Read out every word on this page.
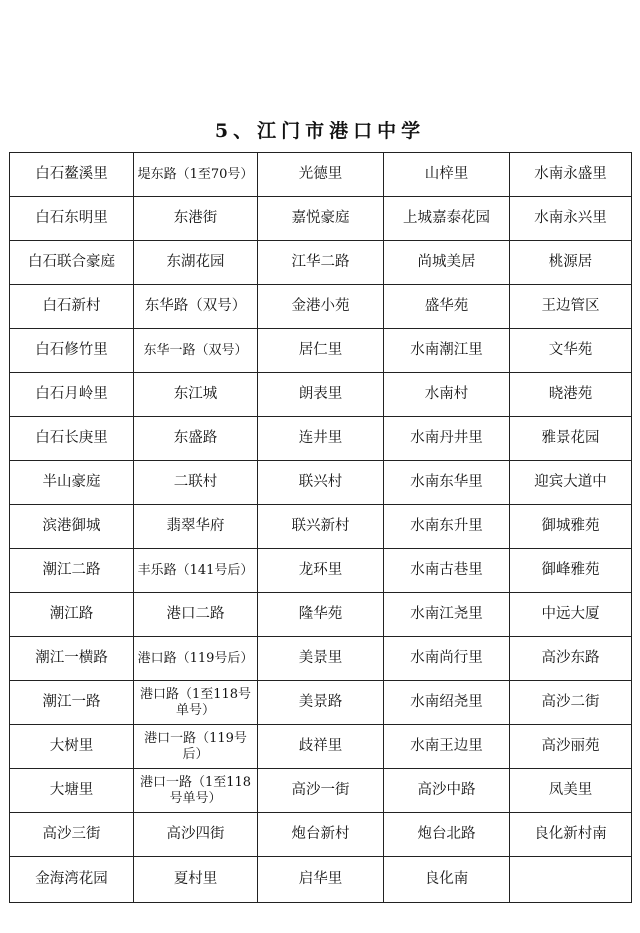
5、江门市港口中学
白石鳌溪里	堤东路（1至70号）	光德里	山梓里	水南永盛里
白石东明里	东港街	嘉悦豪庭	上城嘉泰花园	水南永兴里
白石联合豪庭	东湖花园	江华二路	尚城美居	桃源居
白石新村	东华路（双号）	金港小苑	盛华苑	王边管区
白石修竹里	东华一路（双号）	居仁里	水南潮江里	文华苑
白石月岭里	东江城	朗表里	水南村	晓港苑
白石长庚里	东盛路	连井里	水南丹井里	雅景花园
半山豪庭	二联村	联兴村	水南东华里	迎宾大道中
滨港御城	翡翠华府	联兴新村	水南东升里	御城雅苑
潮江二路	丰乐路（141号后）	龙环里	水南古巷里	御峰雅苑
潮江路	港口二路	隆华苑	水南江尧里	中远大厦
潮江一横路	港口路（119号后）	美景里	水南尚行里	高沙东路
潮江一路	港口路（1至118号单号）	美景路	水南绍尧里	高沙二街
大树里	港口一路（119号后）	歧祥里	水南王边里	高沙丽苑
大塘里	港口一路（1至118号单号）	高沙一街	高沙中路	凤美里
高沙三街	高沙四街	炮台新村	炮台北路	良化新村南
金海湾花园	夏村里	启华里	良化南	
